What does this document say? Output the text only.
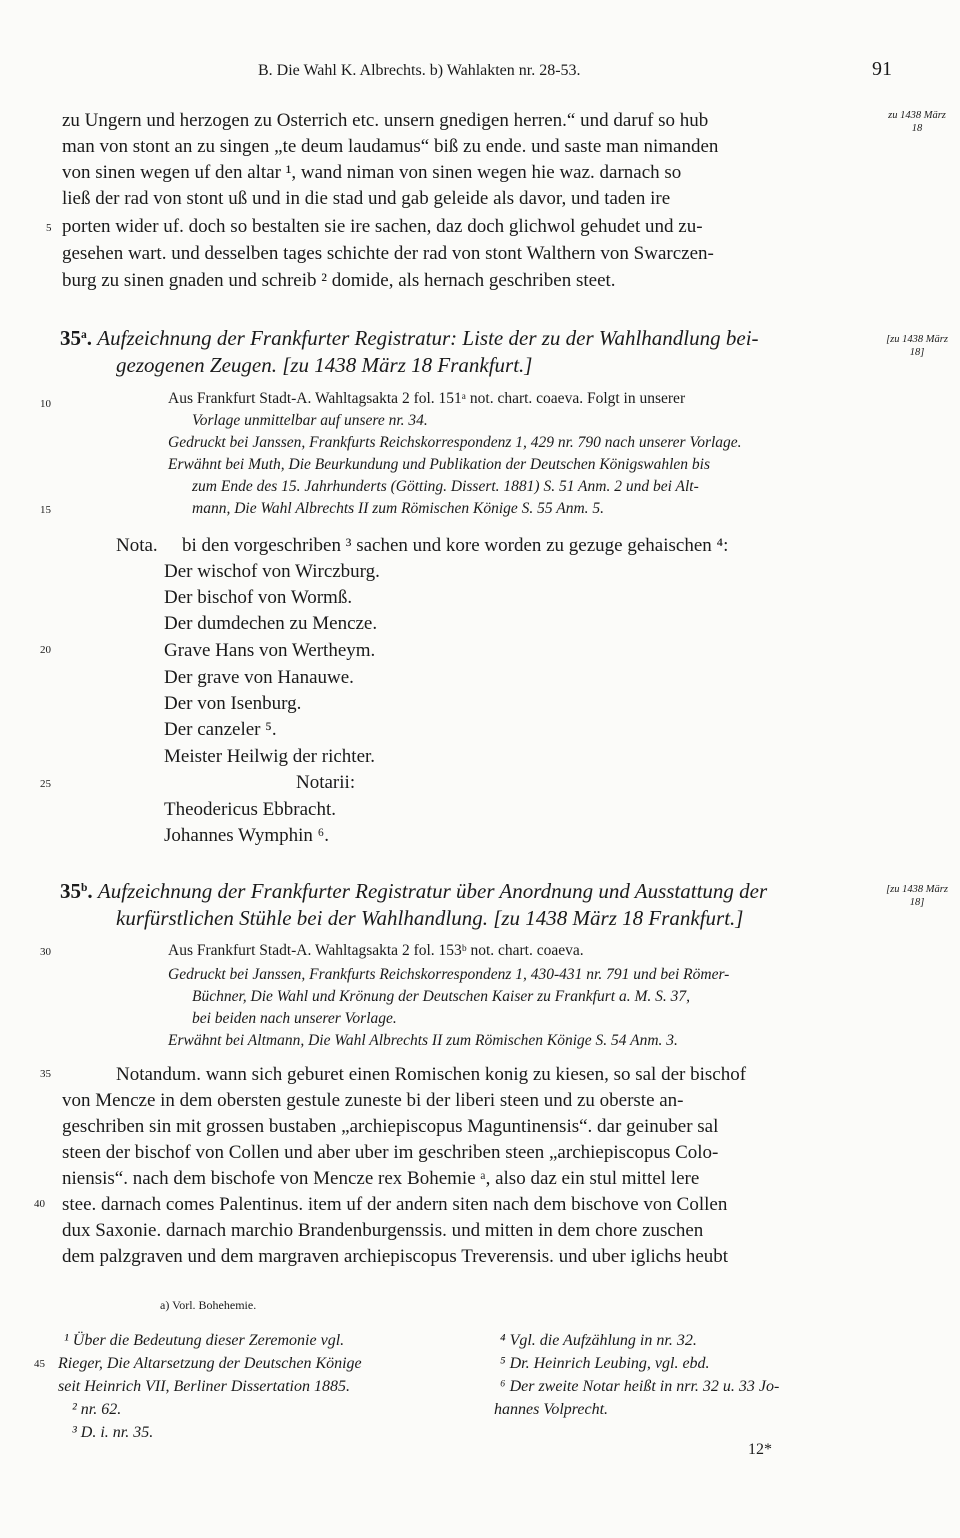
B. Die Wahl K. Albrechts. b) Wahlakten nr. 28-53.	91
zu 1438 März 18
[zu 1438 März 18]
[zu 1438 März 18]
5
10
15
20
25
30
35
40
45
zu Ungern und herzogen zu Osterrich etc. unsern gnedigen herren.“ und daruf so hub
man von stont an zu singen „te deum laudamus“ biß zu ende. und saste man nimanden
von sinen wegen uf den altar ¹, wand niman von sinen wegen hie waz. darnach so
ließ der rad von stont uß und in die stad und gab geleide als davor, und taden ire
porten wider uf. doch so bestalten sie ire sachen, daz doch glichwol gehudet und zu-
gesehen wart. und desselben tages schichte der rad von stont Walthern von Swarczen-
burg zu sinen gnaden und schreib ² domide, als hernach geschriben steet.
35$^a$. Aufzeichnung der Frankfurter Registratur: Liste der zu der Wahlhandlung bei-
gezogenen Zeugen. [zu 1438 März 18 Frankfurt.]
Aus Frankfurt Stadt-A. Wahltagsakta 2 fol. 151ᵃ not. chart. coaeva. Folgt in unserer
Vorlage unmittelbar auf unsere nr. 34.
Gedruckt bei Janssen, Frankfurts Reichskorrespondenz 1, 429 nr. 790 nach unserer Vorlage.
Erwähnt bei Muth, Die Beurkundung und Publikation der Deutschen Königswahlen bis
zum Ende des 15. Jahrhunderts (Götting. Dissert. 1881) S. 51 Anm. 2 und bei Alt-
mann, Die Wahl Albrechts II zum Römischen Könige S. 55 Anm. 5.
Nota. bi den vorgeschriben ³ sachen und kore worden zu gezuge gehaischen ⁴:
Der wischof von Wirczburg.
Der bischof von Wormß.
Der dumdechen zu Mencze.
Grave Hans von Wertheym.
Der grave von Hanauwe.
Der von Isenburg.
Der canzeler ⁵.
Meister Heilwig der richter.
Notarii:
Theodericus Ebbracht.
Johannes Wymphin ⁶.
35$^b$. Aufzeichnung der Frankfurter Registratur über Anordnung und Ausstattung der
kurfürstlichen Stühle bei der Wahlhandlung. [zu 1438 März 18 Frankfurt.]
Aus Frankfurt Stadt-A. Wahltagsakta 2 fol. 153ᵇ not. chart. coaeva.
Gedruckt bei Janssen, Frankfurts Reichskorrespondenz 1, 430-431 nr. 791 und bei Römer-
Büchner, Die Wahl und Krönung der Deutschen Kaiser zu Frankfurt a. M. S. 37,
bei beiden nach unserer Vorlage.
Erwähnt bei Altmann, Die Wahl Albrechts II zum Römischen Könige S. 54 Anm. 3.
Notandum. wann sich geburet einen Romischen konig zu kiesen, so sal der bischof
von Mencze in dem obersten gestule zuneste bi der liberi steen und zu oberste an-
geschriben sin mit grossen bustaben „archiepiscopus Maguntinensis“. dar geinuber sal
steen der bischof von Collen und aber uber im geschriben steen „archiepiscopus Colo-
niensis“. nach dem bischofe von Mencze rex Bohemie ᵃ, also daz ein stul mittel lere
stee. darnach comes Palentinus. item uf der andern siten nach dem bischove von Collen
dux Saxonie. darnach marchio Brandenburgenssis. und mitten in dem chore zuschen
dem palzgraven und dem margraven archiepiscopus Treverensis. und uber iglichs heubt
a) Vorl. Bohehemie.
¹ Über die Bedeutung dieser Zeremonie vgl.
Rieger, Die Altarsetzung der Deutschen Könige
seit Heinrich VII, Berliner Dissertation 1885.
² nr. 62.
³ D. i. nr. 35.
⁴ Vgl. die Aufzählung in nr. 32.
⁵ Dr. Heinrich Leubing, vgl. ebd.
⁶ Der zweite Notar heißt in nrr. 32 u. 33 Jo-
hannes Volprecht.
12*
